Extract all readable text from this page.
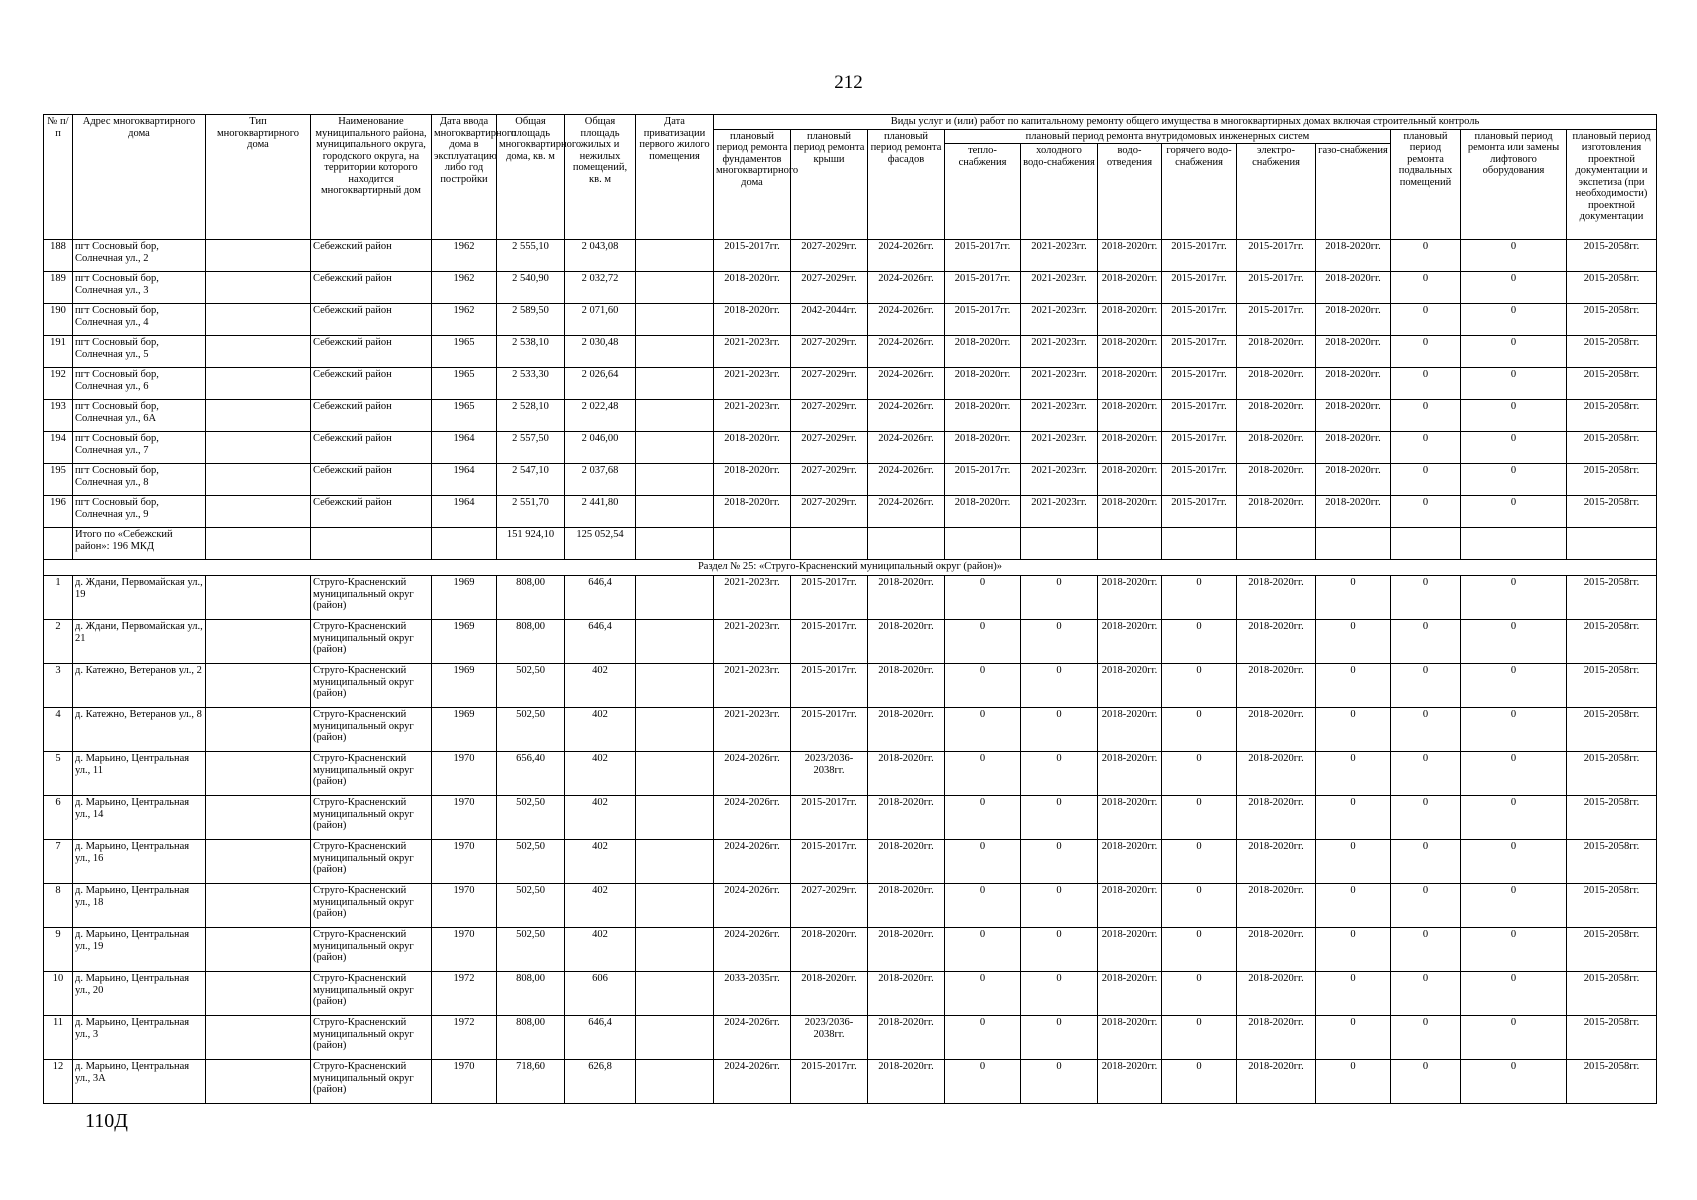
212
№ п/п	Адрес многоквартирного дома	Тип многоквартирного дома	Наименование муниципального района, муниципального округа, городского округа, на территории которого находится многоквартирный дом	Дата ввода многоквартирного дома в эксплуатацию либо год постройки	Общая площадь многоквартирного дома, кв. м	Общая площадь жилых и нежилых помещений, кв. м	Дата приватизации первого жилого помещения	Виды услуг и (или) работ по капитальному ремонту общего имущества в многоквартирных домах включая строительный контроль											
								плановый период ремонта фундаментов многоквартирного дома	плановый период ремонта крыши	плановый период ремонта фасадов	плановый период ремонта внутридомовых инженерных систем						плановый период ремонта подвальных помещений	плановый период ремонта или замены лифтового оборудования	плановый период изготовления проектной документации и экспетиза (при необходимости) проектной документации
											тепло-снабжения	холодного водо-снабжения	водо-отведения	горячего водо-снабжения	электро-снабжения	газо-снабжения			
188	пгт Сосновый бор, Солнечная ул., 2		Себежский район	1962	2 555,10	2 043,08		2015-2017гг.	2027-2029гг.	2024-2026гг.	2015-2017гг.	2021-2023гг.	2018-2020гг.	2015-2017гг.	2015-2017гг.	2018-2020гг.	0	0	2015-2058гг.
189	пгт Сосновый бор, Солнечная ул., 3		Себежский район	1962	2 540,90	2 032,72		2018-2020гг.	2027-2029гг.	2024-2026гг.	2015-2017гг.	2021-2023гг.	2018-2020гг.	2015-2017гг.	2015-2017гг.	2018-2020гг.	0	0	2015-2058гг.
190	пгт Сосновый бор, Солнечная ул., 4		Себежский район	1962	2 589,50	2 071,60		2018-2020гг.	2042-2044гг.	2024-2026гг.	2015-2017гг.	2021-2023гг.	2018-2020гг.	2015-2017гг.	2015-2017гг.	2018-2020гг.	0	0	2015-2058гг.
191	пгт Сосновый бор, Солнечная ул., 5		Себежский район	1965	2 538,10	2 030,48		2021-2023гг.	2027-2029гг.	2024-2026гг.	2018-2020гг.	2021-2023гг.	2018-2020гг.	2015-2017гг.	2018-2020гг.	2018-2020гг.	0	0	2015-2058гг.
192	пгт Сосновый бор, Солнечная ул., 6		Себежский район	1965	2 533,30	2 026,64		2021-2023гг.	2027-2029гг.	2024-2026гг.	2018-2020гг.	2021-2023гг.	2018-2020гг.	2015-2017гг.	2018-2020гг.	2018-2020гг.	0	0	2015-2058гг.
193	пгт Сосновый бор, Солнечная ул., 6А		Себежский район	1965	2 528,10	2 022,48		2021-2023гг.	2027-2029гг.	2024-2026гг.	2018-2020гг.	2021-2023гг.	2018-2020гг.	2015-2017гг.	2018-2020гг.	2018-2020гг.	0	0	2015-2058гг.
194	пгт Сосновый бор, Солнечная ул., 7		Себежский район	1964	2 557,50	2 046,00		2018-2020гг.	2027-2029гг.	2024-2026гг.	2018-2020гг.	2021-2023гг.	2018-2020гг.	2015-2017гг.	2018-2020гг.	2018-2020гг.	0	0	2015-2058гг.
195	пгт Сосновый бор, Солнечная ул., 8		Себежский район	1964	2 547,10	2 037,68		2018-2020гг.	2027-2029гг.	2024-2026гг.	2015-2017гг.	2021-2023гг.	2018-2020гг.	2015-2017гг.	2018-2020гг.	2018-2020гг.	0	0	2015-2058гг.
196	пгт Сосновый бор, Солнечная ул., 9		Себежский район	1964	2 551,70	2 441,80		2018-2020гг.	2027-2029гг.	2024-2026гг.	2018-2020гг.	2021-2023гг.	2018-2020гг.	2015-2017гг.	2018-2020гг.	2018-2020гг.	0	0	2015-2058гг.
	Итого по «Себежский район»: 196 МКД				151 924,10	125 052,54													
Раздел № 25: «Струго-Красненский муниципальный округ (район)»																			
1	д. Ждани, Первомайская ул., 19		Струго-Красненский муниципальный округ (район)	1969	808,00	646,4		2021-2023гг.	2015-2017гг.	2018-2020гг.	0	0	2018-2020гг.	0	2018-2020гг.	0	0	0	2015-2058гг.
2	д. Ждани, Первомайская ул., 21		Струго-Красненский муниципальный округ (район)	1969	808,00	646,4		2021-2023гг.	2015-2017гг.	2018-2020гг.	0	0	2018-2020гг.	0	2018-2020гг.	0	0	0	2015-2058гг.
3	д. Катежно, Ветеранов ул., 2		Струго-Красненский муниципальный округ (район)	1969	502,50	402		2021-2023гг.	2015-2017гг.	2018-2020гг.	0	0	2018-2020гг.	0	2018-2020гг.	0	0	0	2015-2058гг.
4	д. Катежно, Ветеранов ул., 8		Струго-Красненский муниципальный округ (район)	1969	502,50	402		2021-2023гг.	2015-2017гг.	2018-2020гг.	0	0	2018-2020гг.	0	2018-2020гг.	0	0	0	2015-2058гг.
5	д. Марьино, Центральная ул., 11		Струго-Красненский муниципальный округ (район)	1970	656,40	402		2024-2026гг.	2023/2036-2038гг.	2018-2020гг.	0	0	2018-2020гг.	0	2018-2020гг.	0	0	0	2015-2058гг.
6	д. Марьино, Центральная ул., 14		Струго-Красненский муниципальный округ (район)	1970	502,50	402		2024-2026гг.	2015-2017гг.	2018-2020гг.	0	0	2018-2020гг.	0	2018-2020гг.	0	0	0	2015-2058гг.
7	д. Марьино, Центральная ул., 16		Струго-Красненский муниципальный округ (район)	1970	502,50	402		2024-2026гг.	2015-2017гг.	2018-2020гг.	0	0	2018-2020гг.	0	2018-2020гг.	0	0	0	2015-2058гг.
8	д. Марьино, Центральная ул., 18		Струго-Красненский муниципальный округ (район)	1970	502,50	402		2024-2026гг.	2027-2029гг.	2018-2020гг.	0	0	2018-2020гг.	0	2018-2020гг.	0	0	0	2015-2058гг.
9	д. Марьино, Центральная ул., 19		Струго-Красненский муниципальный округ (район)	1970	502,50	402		2024-2026гг.	2018-2020гг.	2018-2020гг.	0	0	2018-2020гг.	0	2018-2020гг.	0	0	0	2015-2058гг.
10	д. Марьино, Центральная ул., 20		Струго-Красненский муниципальный округ (район)	1972	808,00	606		2033-2035гг.	2018-2020гг.	2018-2020гг.	0	0	2018-2020гг.	0	2018-2020гг.	0	0	0	2015-2058гг.
11	д. Марьино, Центральная ул., 3		Струго-Красненский муниципальный округ (район)	1972	808,00	646,4		2024-2026гг.	2023/2036-2038гг.	2018-2020гг.	0	0	2018-2020гг.	0	2018-2020гг.	0	0	0	2015-2058гг.
12	д. Марьино, Центральная ул., 3А		Струго-Красненский муниципальный округ (район)	1970	718,60	626,8		2024-2026гг.	2015-2017гг.	2018-2020гг.	0	0	2018-2020гг.	0	2018-2020гг.	0	0	0	2015-2058гг.
110Д
